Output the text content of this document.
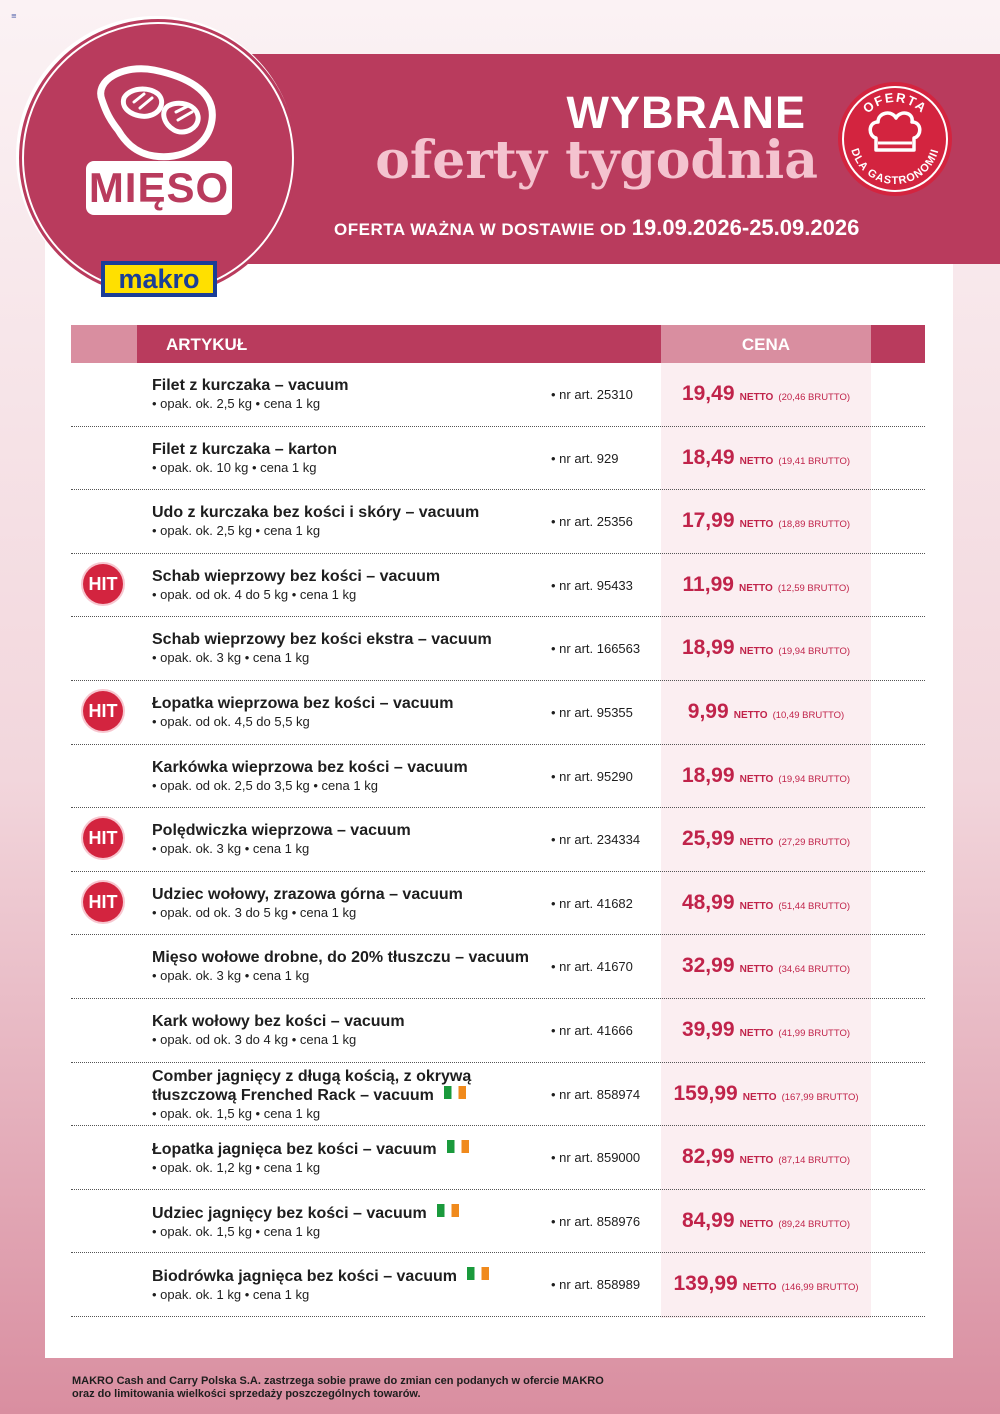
≡
MIĘSO
makro
WYBRANE
oferty tygodnia
OFERTA WAŻNA W DOSTAWIE OD 19.09.2026-25.09.2026
OFERTA
DLA GASTRONOMII
ARTYKUŁ	CENA
Filet z kurczaka – vacuum
• opak. ok. 2,5 kg • cena 1 kg
• nr art. 25310	19,49 NETTO (20,46 BRUTTO)
Filet z kurczaka – karton
• opak. ok. 10 kg • cena 1 kg
• nr art. 929	18,49 NETTO (19,41 BRUTTO)
Udo z kurczaka bez kości i skóry – vacuum
• opak. ok. 2,5 kg • cena 1 kg
• nr art. 25356	17,99 NETTO (18,89 BRUTTO)
HIT	Schab wieprzowy bez kości – vacuum
• opak. od ok. 4 do 5 kg • cena 1 kg
• nr art. 95433	11,99 NETTO (12,59 BRUTTO)
Schab wieprzowy bez kości ekstra – vacuum
• opak. ok. 3 kg • cena 1 kg
• nr art. 166563	18,99 NETTO (19,94 BRUTTO)
HIT	Łopatka wieprzowa bez kości – vacuum
• opak. od ok. 4,5 do 5,5 kg
• nr art. 95355	9,99 NETTO (10,49 BRUTTO)
Karkówka wieprzowa bez kości – vacuum
• opak. od ok. 2,5 do 3,5 kg • cena 1 kg
• nr art. 95290	18,99 NETTO (19,94 BRUTTO)
HIT	Polędwiczka wieprzowa – vacuum
• opak. ok. 3 kg • cena 1 kg
• nr art. 234334	25,99 NETTO (27,29 BRUTTO)
HIT	Udziec wołowy, zrazowa górna – vacuum
• opak. od ok. 3 do 5 kg • cena 1 kg
• nr art. 41682	48,99 NETTO (51,44 BRUTTO)
Mięso wołowe drobne, do 20% tłuszczu – vacuum
• opak. ok. 3 kg • cena 1 kg
• nr art. 41670	32,99 NETTO (34,64 BRUTTO)
Kark wołowy bez kości – vacuum
• opak. od ok. 3 do 4 kg • cena 1 kg
• nr art. 41666	39,99 NETTO (41,99 BRUTTO)
Comber jagnięcy z długą kością, z okrywą tłuszczową Frenched Rack – vacuum
• opak. ok. 1,5 kg • cena 1 kg
• nr art. 858974	159,99 NETTO (167,99 BRUTTO)
Łopatka jagnięca bez kości – vacuum
• opak. ok. 1,2 kg • cena 1 kg
• nr art. 859000	82,99 NETTO (87,14 BRUTTO)
Udziec jagnięcy bez kości – vacuum
• opak. ok. 1,5 kg • cena 1 kg
• nr art. 858976	84,99 NETTO (89,24 BRUTTO)
Biodrówka jagnięca bez kości – vacuum
• opak. ok. 1 kg • cena 1 kg
• nr art. 858989	139,99 NETTO (146,99 BRUTTO)
MAKRO Cash and Carry Polska S.A. zastrzega sobie prawe do zmian cen podanych w ofercie MAKRO
oraz do limitowania wielkości sprzedaży poszczególnych towarów.
